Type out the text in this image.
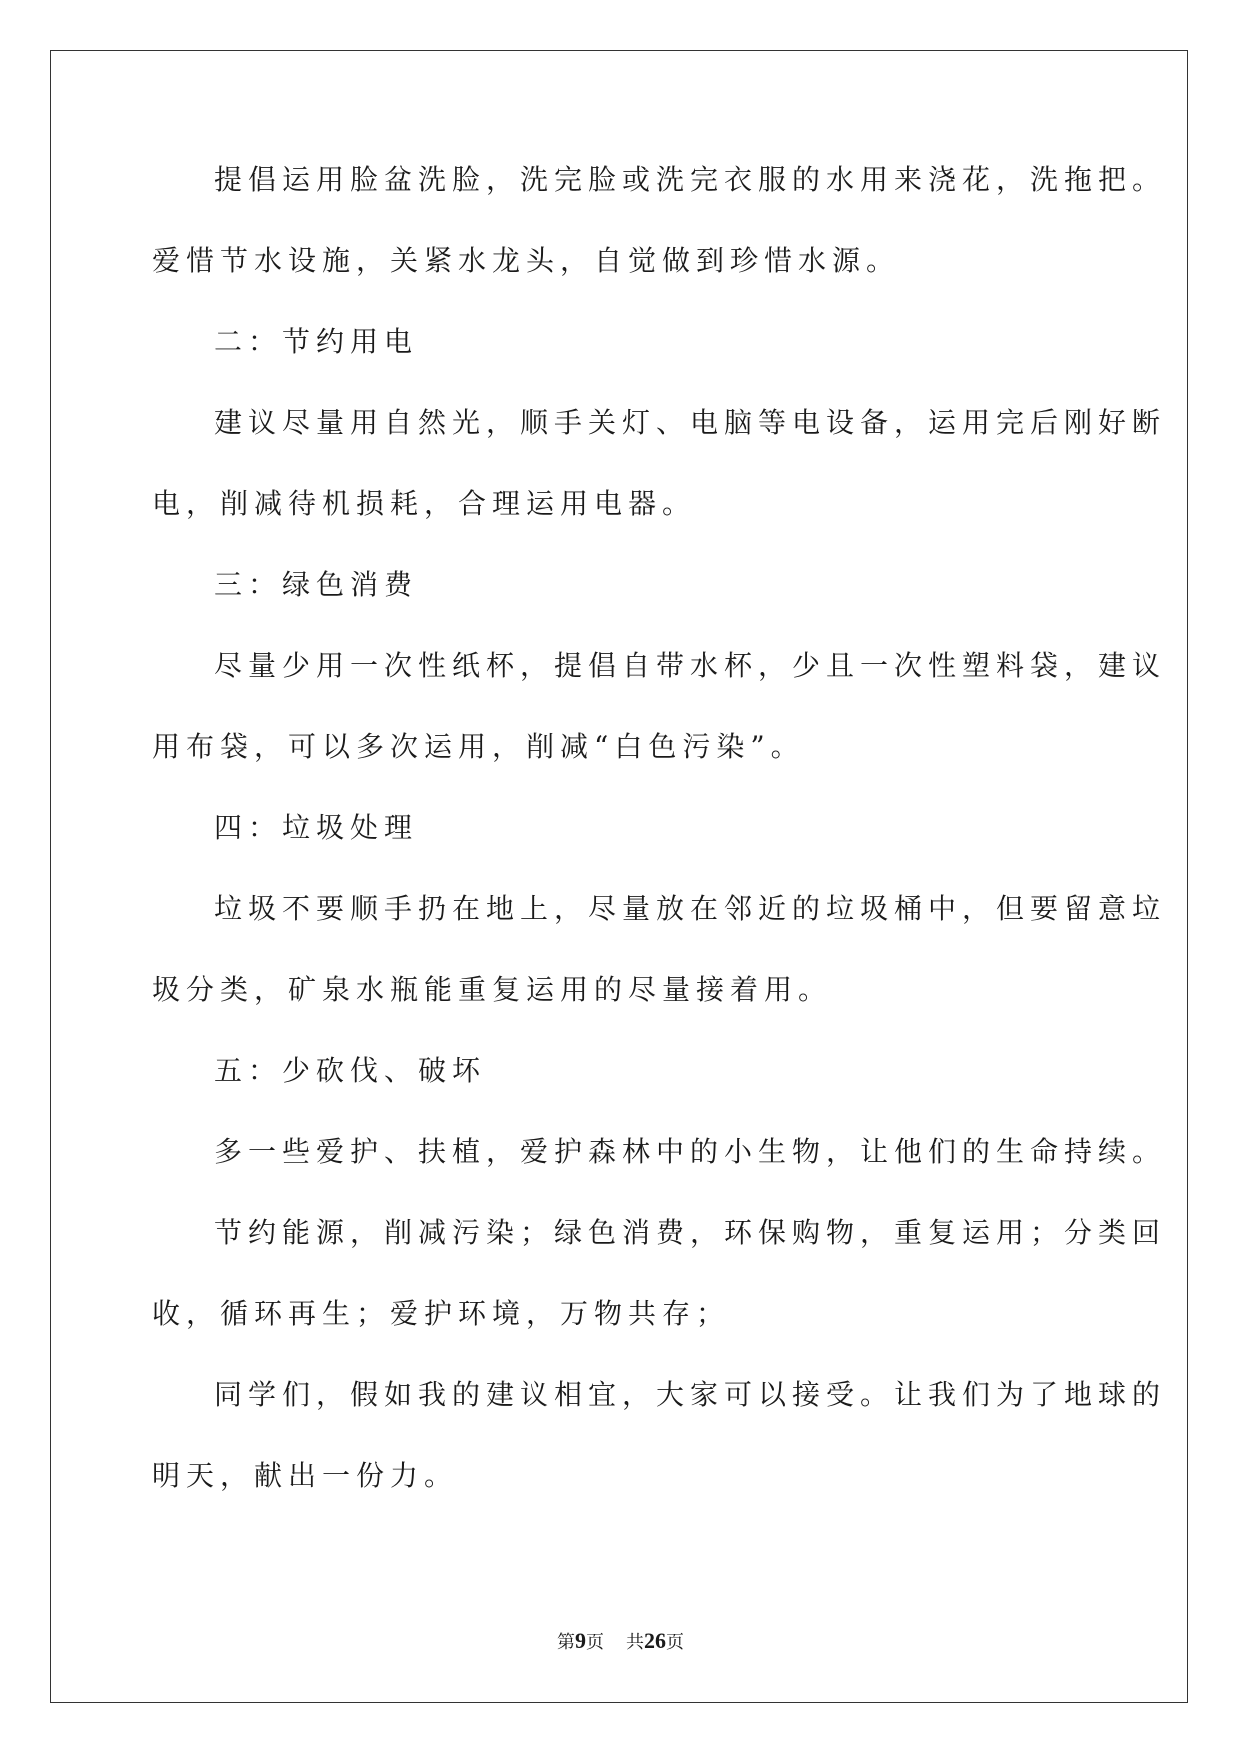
提倡运用脸盆洗脸，洗完脸或洗完衣服的水用来浇花，洗拖把。
爱惜节水设施，关紧水龙头，自觉做到珍惜水源。
二：节约用电
建议尽量用自然光，顺手关灯、电脑等电设备，运用完后刚好断
电，削减待机损耗，合理运用电器。
三：绿色消费
尽量少用一次性纸杯，提倡自带水杯，少且一次性塑料袋，建议
用布袋，可以多次运用，削减“白色污染”。
四：垃圾处理
垃圾不要顺手扔在地上，尽量放在邻近的垃圾桶中，但要留意垃
圾分类，矿泉水瓶能重复运用的尽量接着用。
五：少砍伐、破坏
多一些爱护、扶植，爱护森林中的小生物，让他们的生命持续。
节约能源，削减污染；绿色消费，环保购物，重复运用；分类回
收，循环再生；爱护环境，万物共存；
同学们，假如我的建议相宜，大家可以接受。让我们为了地球的
明天，献出一份力。
第9页 共26页
